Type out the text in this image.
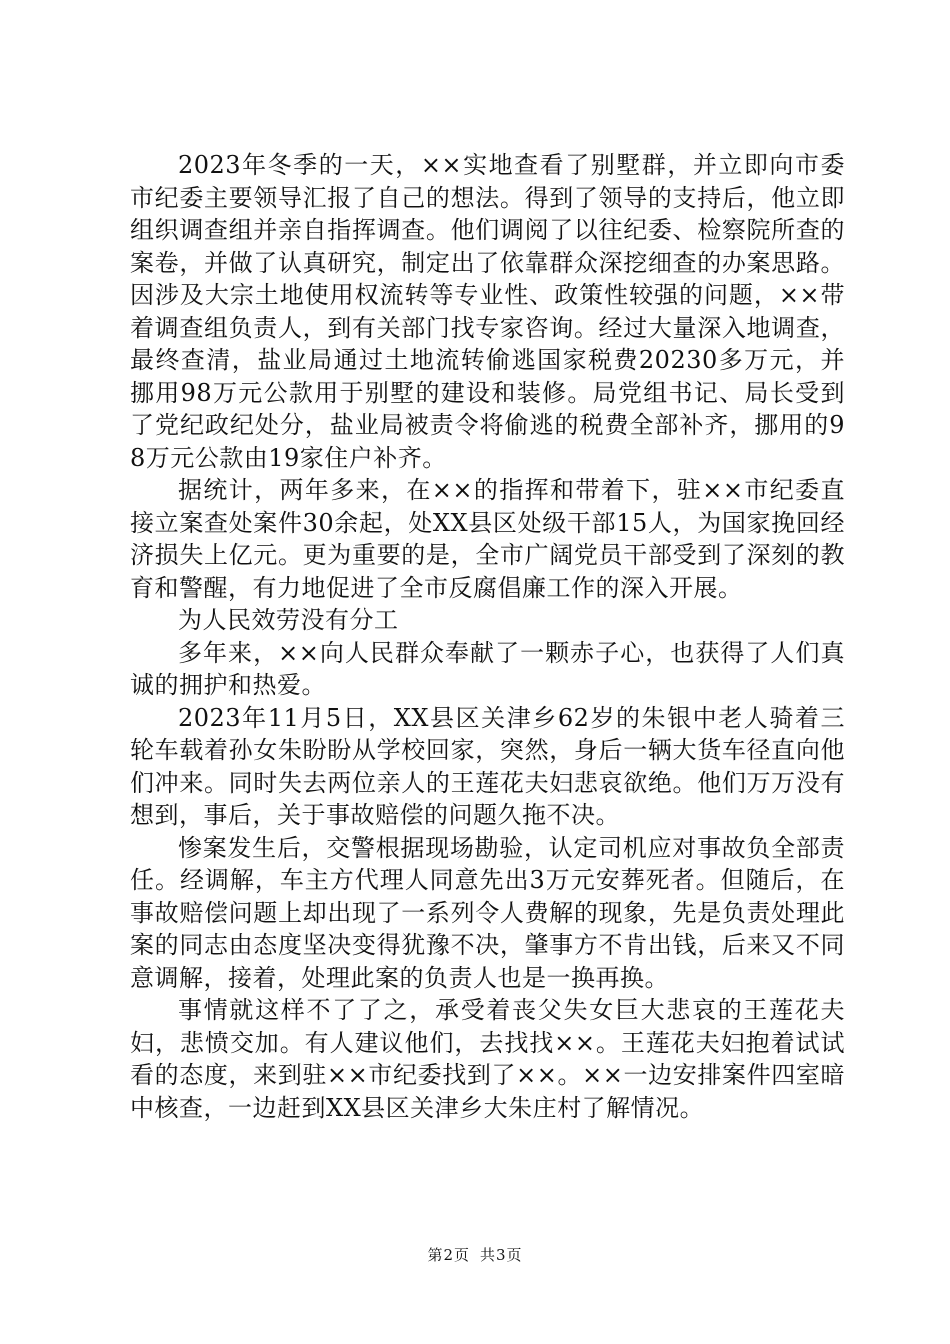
2023年冬季的一天，××实地查看了别墅群，并立即向市委市纪委主要领导汇报了自己的想法。得到了领导的支持后，他立即组织调查组并亲自指挥调查。他们调阅了以往纪委、检察院所查的案卷，并做了认真研究，制定出了依靠群众深挖细查的办案思路。因涉及大宗土地使用权流转等专业性、政策性较强的问题，××带着调查组负责人，到有关部门找专家咨询。经过大量深入地调查，最终查清，盐业局通过土地流转偷逃国家税费20230多万元，并挪用98万元公款用于别墅的建设和装修。局党组书记、局长受到了党纪政纪处分，盐业局被责令将偷逃的税费全部补齐，挪用的98万元公款由19家住户补齐。

据统计，两年多来，在××的指挥和带着下，驻××市纪委直接立案查处案件30余起，处XX县区处级干部15人，为国家挽回经济损失上亿元。更为重要的是，全市广阔党员干部受到了深刻的教育和警醒，有力地促进了全市反腐倡廉工作的深入开展。

为人民效劳没有分工

多年来，××向人民群众奉献了一颗赤子心，也获得了人们真诚的拥护和热爱。

2023年11月5日，XX县区关津乡62岁的朱银中老人骑着三轮车载着孙女朱盼盼从学校回家，突然，身后一辆大货车径直向他们冲来。同时失去两位亲人的王莲花夫妇悲哀欲绝。他们万万没有想到，事后，关于事故赔偿的问题久拖不决。

惨案发生后，交警根据现场勘验，认定司机应对事故负全部责任。经调解，车主方代理人同意先出3万元安葬死者。但随后，在事故赔偿问题上却出现了一系列令人费解的现象，先是负责处理此案的同志由态度坚决变得犹豫不决，肇事方不肯出钱，后来又不同意调解，接着，处理此案的负责人也是一换再换。

事情就这样不了了之，承受着丧父失女巨大悲哀的王莲花夫妇，悲愤交加。有人建议他们，去找找××。王莲花夫妇抱着试试看的态度，来到驻××市纪委找到了××。××一边安排案件四室暗中核查，一边赶到XX县区关津乡大朱庄村了解情况。

第2页 共3页
